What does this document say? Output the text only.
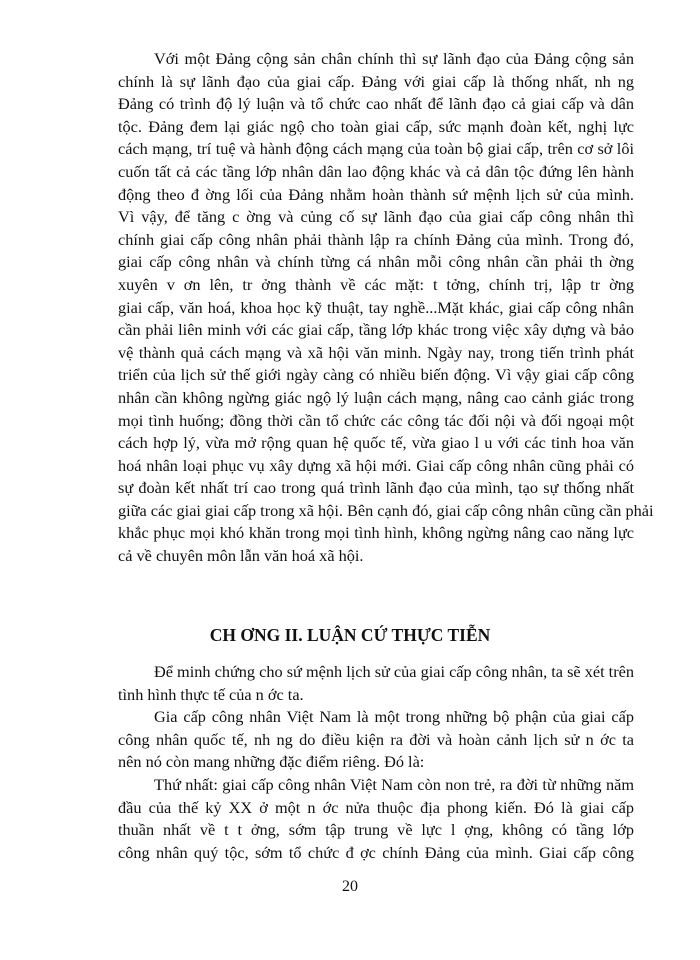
Với một Đảng cộng sản chân chính thì sự lãnh đạo của Đảng cộng sản
chính là sự lãnh đạo của giai cấp. Đảng với giai cấp là thống nhất, nh ng
Đảng có trình độ lý luận và tổ chức cao nhất để lãnh đạo cả giai cấp và dân
tộc. Đảng đem lại giác ngộ cho toàn giai cấp, sức mạnh đoàn kết, nghị lực
cách mạng, trí tuệ và hành động cách mạng của toàn bộ giai cấp, trên cơ sở lôi
cuốn tất cả các tầng lớp nhân dân lao động khác và cả dân tộc đứng lên hành
động theo đ ờng lối của Đảng nhằm hoàn thành sứ mệnh lịch sử của mình.
Vì vậy, để tăng c ờng và củng cố sự lãnh đạo của giai cấp công nhân thì
chính giai cấp công nhân phải thành lập ra chính Đảng của mình. Trong đó,
giai cấp công nhân và chính từng cá nhân mỗi công nhân cần phải th ờng
xuyên v ơn lên, tr ởng thành về các mặt: t tởng, chính trị, lập tr ờng
giai cấp, văn hoá, khoa học kỹ thuật, tay nghề...Mặt khác, giai cấp công nhân
cần phải liên minh với các giai cấp, tầng lớp khác trong việc xây dựng và bảo
vệ thành quả cách mạng và xã hội văn minh. Ngày nay, trong tiến trình phát
triển của lịch sử thế giới ngày càng có nhiều biến động. Vì vậy giai cấp công
nhân cần không ngừng giác ngộ lý luận cách mạng, nâng cao cảnh giác trong
mọi tình huống; đồng thời cần tổ chức các công tác đối nội và đối ngoại một
cách hợp lý, vừa mở rộng quan hệ quốc tế, vừa giao l u với các tinh hoa văn
hoá nhân loại phục vụ xây dựng xã hội mới. Giai cấp công nhân cũng phải có
sự đoàn kết nhất trí cao trong quá trình lãnh đạo của mình, tạo sự thống nhất
giữa các giai giai cấp trong xã hội. Bên cạnh đó, giai cấp công nhân cũng cần phải
khắc phục mọi khó khăn trong mọi tình hình, không ngừng nâng cao năng lực
cả về chuyên môn lẫn văn hoá xã hội.
CH ƠNG II. LUẬN CỨ THỰC TIỄN
Để minh chứng cho sứ mệnh lịch sử của giai cấp công nhân, ta sẽ xét trên
tình hình thực tế của n ớc ta.
Gia cấp công nhân Việt Nam là một trong những bộ phận của giai cấp
công nhân quốc tế, nh ng do điều kiện ra đời và hoàn cảnh lịch sử n ớc ta
nên nó còn mang những đặc điểm riêng. Đó là:
Thứ nhất: giai cấp công nhân Việt Nam còn non trẻ, ra đời từ những năm
đầu của thế kỷ XX ở một n ớc nửa thuộc địa phong kiến. Đó là giai cấp
thuần nhất về t t ởng, sớm tập trung về lực l ợng, không có tầng lớp
công nhân quý tộc, sớm tổ chức đ ợc chính Đảng của mình. Giai cấp công
20
